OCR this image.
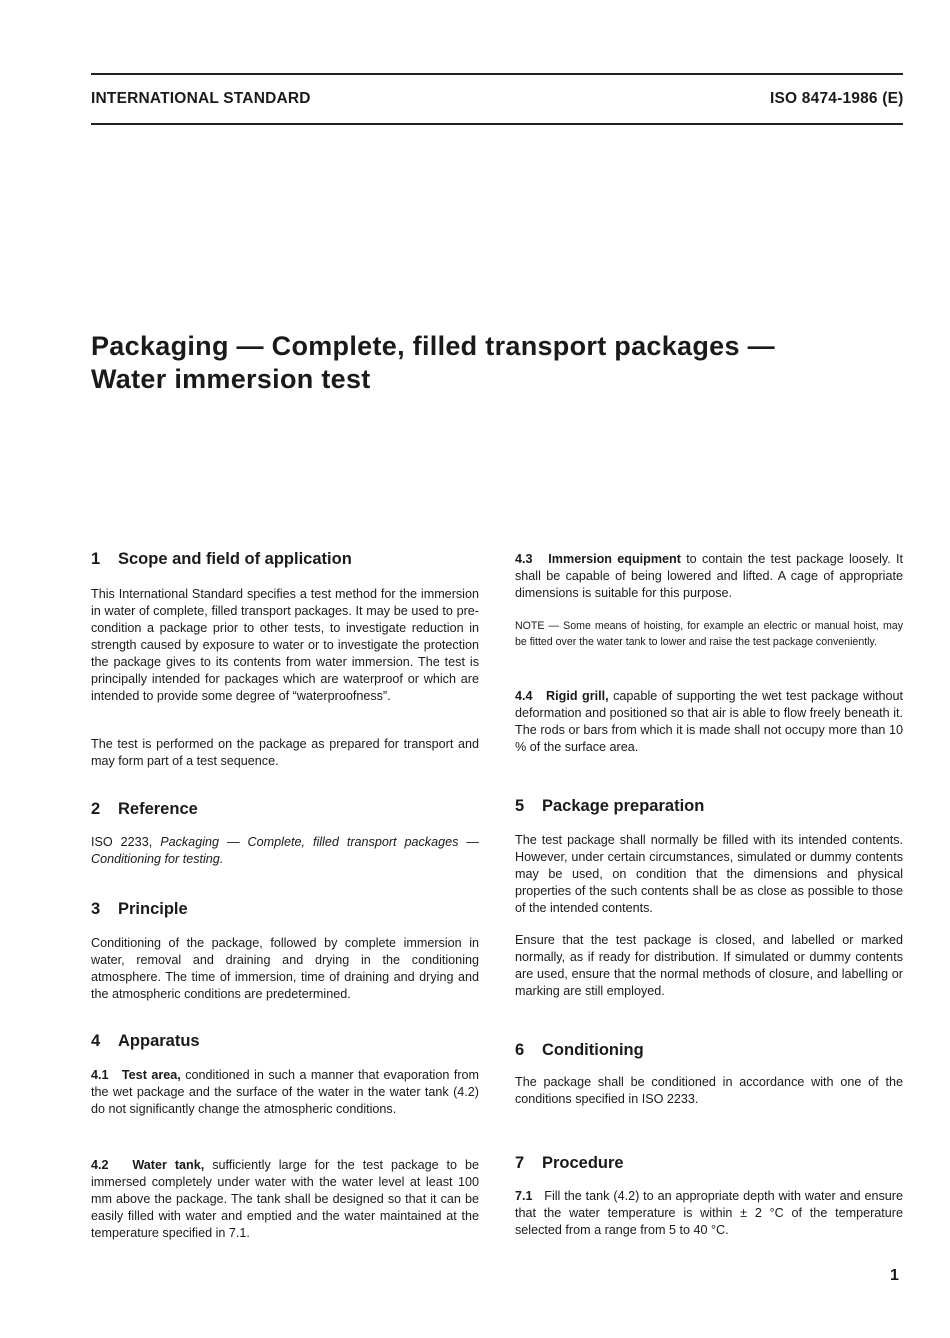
INTERNATIONAL STANDARD	ISO 8474-1986 (E)
Packaging — Complete, filled transport packages —
Water immersion test
1 Scope and field of application

This International Standard specifies a test method for the immersion in water of complete, filled transport packages. It may be used to pre-condition a package prior to other tests, to investigate reduction in strength caused by exposure to water or to investigate the protection the package gives to its contents from water immersion. The test is principally intended for packages which are waterproof or which are intended to provide some degree of “waterproofness”.

The test is performed on the package as prepared for transport and may form part of a test sequence.

2 Reference

ISO 2233, Packaging — Complete, filled transport packages — Conditioning for testing.

3 Principle

Conditioning of the package, followed by complete immersion in water, removal and draining and drying in the conditioning atmosphere. The time of immersion, time of draining and drying and the atmospheric conditions are predetermined.

4 Apparatus

4.1 Test area, conditioned in such a manner that evaporation from the wet package and the surface of the water in the water tank (4.2) do not significantly change the atmospheric conditions.

4.2 Water tank, sufficiently large for the test package to be immersed completely under water with the water level at least 100 mm above the package. The tank shall be designed so that it can be easily filled with water and emptied and the water maintained at the temperature specified in 7.1.

4.3 Immersion equipment to contain the test package loosely. It shall be capable of being lowered and lifted. A cage of appropriate dimensions is suitable for this purpose.

NOTE — Some means of hoisting, for example an electric or manual hoist, may be fitted over the water tank to lower and raise the test package conveniently.

4.4 Rigid grill, capable of supporting the wet test package without deformation and positioned so that air is able to flow freely beneath it. The rods or bars from which it is made shall not occupy more than 10 % of the surface area.

5 Package preparation

The test package shall normally be filled with its intended contents. However, under certain circumstances, simulated or dummy contents may be used, on condition that the dimensions and physical properties of the such contents shall be as close as possible to those of the intended contents.

Ensure that the test package is closed, and labelled or marked normally, as if ready for distribution. If simulated or dummy contents are used, ensure that the normal methods of closure, and labelling or marking are still employed.

6 Conditioning

The package shall be conditioned in accordance with one of the conditions specified in ISO 2233.

7 Procedure

7.1 Fill the tank (4.2) to an appropriate depth with water and ensure that the water temperature is within ± 2 °C of the temperature selected from a range from 5 to 40 °C.

1
